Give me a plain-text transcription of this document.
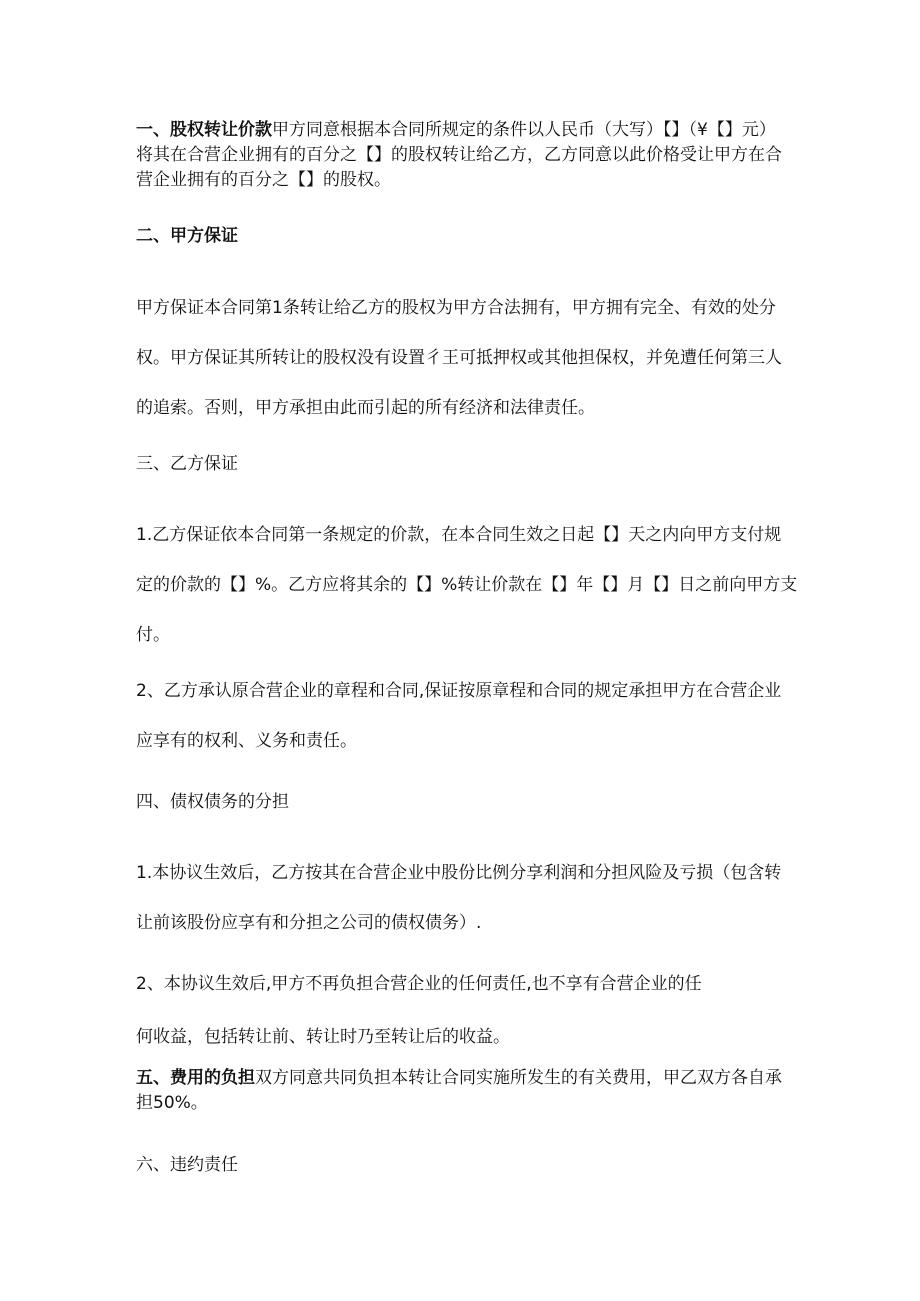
一、股权转让价款甲方同意根据本合同所规定的条件以人民币（大写）【】（¥【】元）
将其在合营企业拥有的百分之【】的股权转让给乙方，乙方同意以此价格受让甲方在合
营企业拥有的百分之【】的股权。
二、甲方保证
甲方保证本合同第1条转让给乙方的股权为甲方合法拥有，甲方拥有完全、有效的处分
权。甲方保证其所转让的股权没有设置彳王可抵押权或其他担保权，并免遭任何第三人
的追索。否则，甲方承担由此而引起的所有经济和法律责任。
三、乙方保证
1.乙方保证依本合同第一条规定的价款，在本合同生效之日起【】天之内向甲方支付规
定的价款的【】%。乙方应将其余的【】%转让价款在【】年【】月【】日之前向甲方支
付。
2、乙方承认原合营企业的章程和合同,保证按原章程和合同的规定承担甲方在合营企业
应享有的权利、义务和责任。
四、债权债务的分担
1.本协议生效后，乙方按其在合营企业中股份比例分享利润和分担风险及亏损（包含转
让前该股份应享有和分担之公司的债权债务）.
2、本协议生效后,甲方不再负担合营企业的任何责任,也不享有合营企业的任
何收益，包括转让前、转让时乃至转让后的收益。
五、费用的负担双方同意共同负担本转让合同实施所发生的有关费用，甲乙双方各自承
担50%。
六、违约责任
